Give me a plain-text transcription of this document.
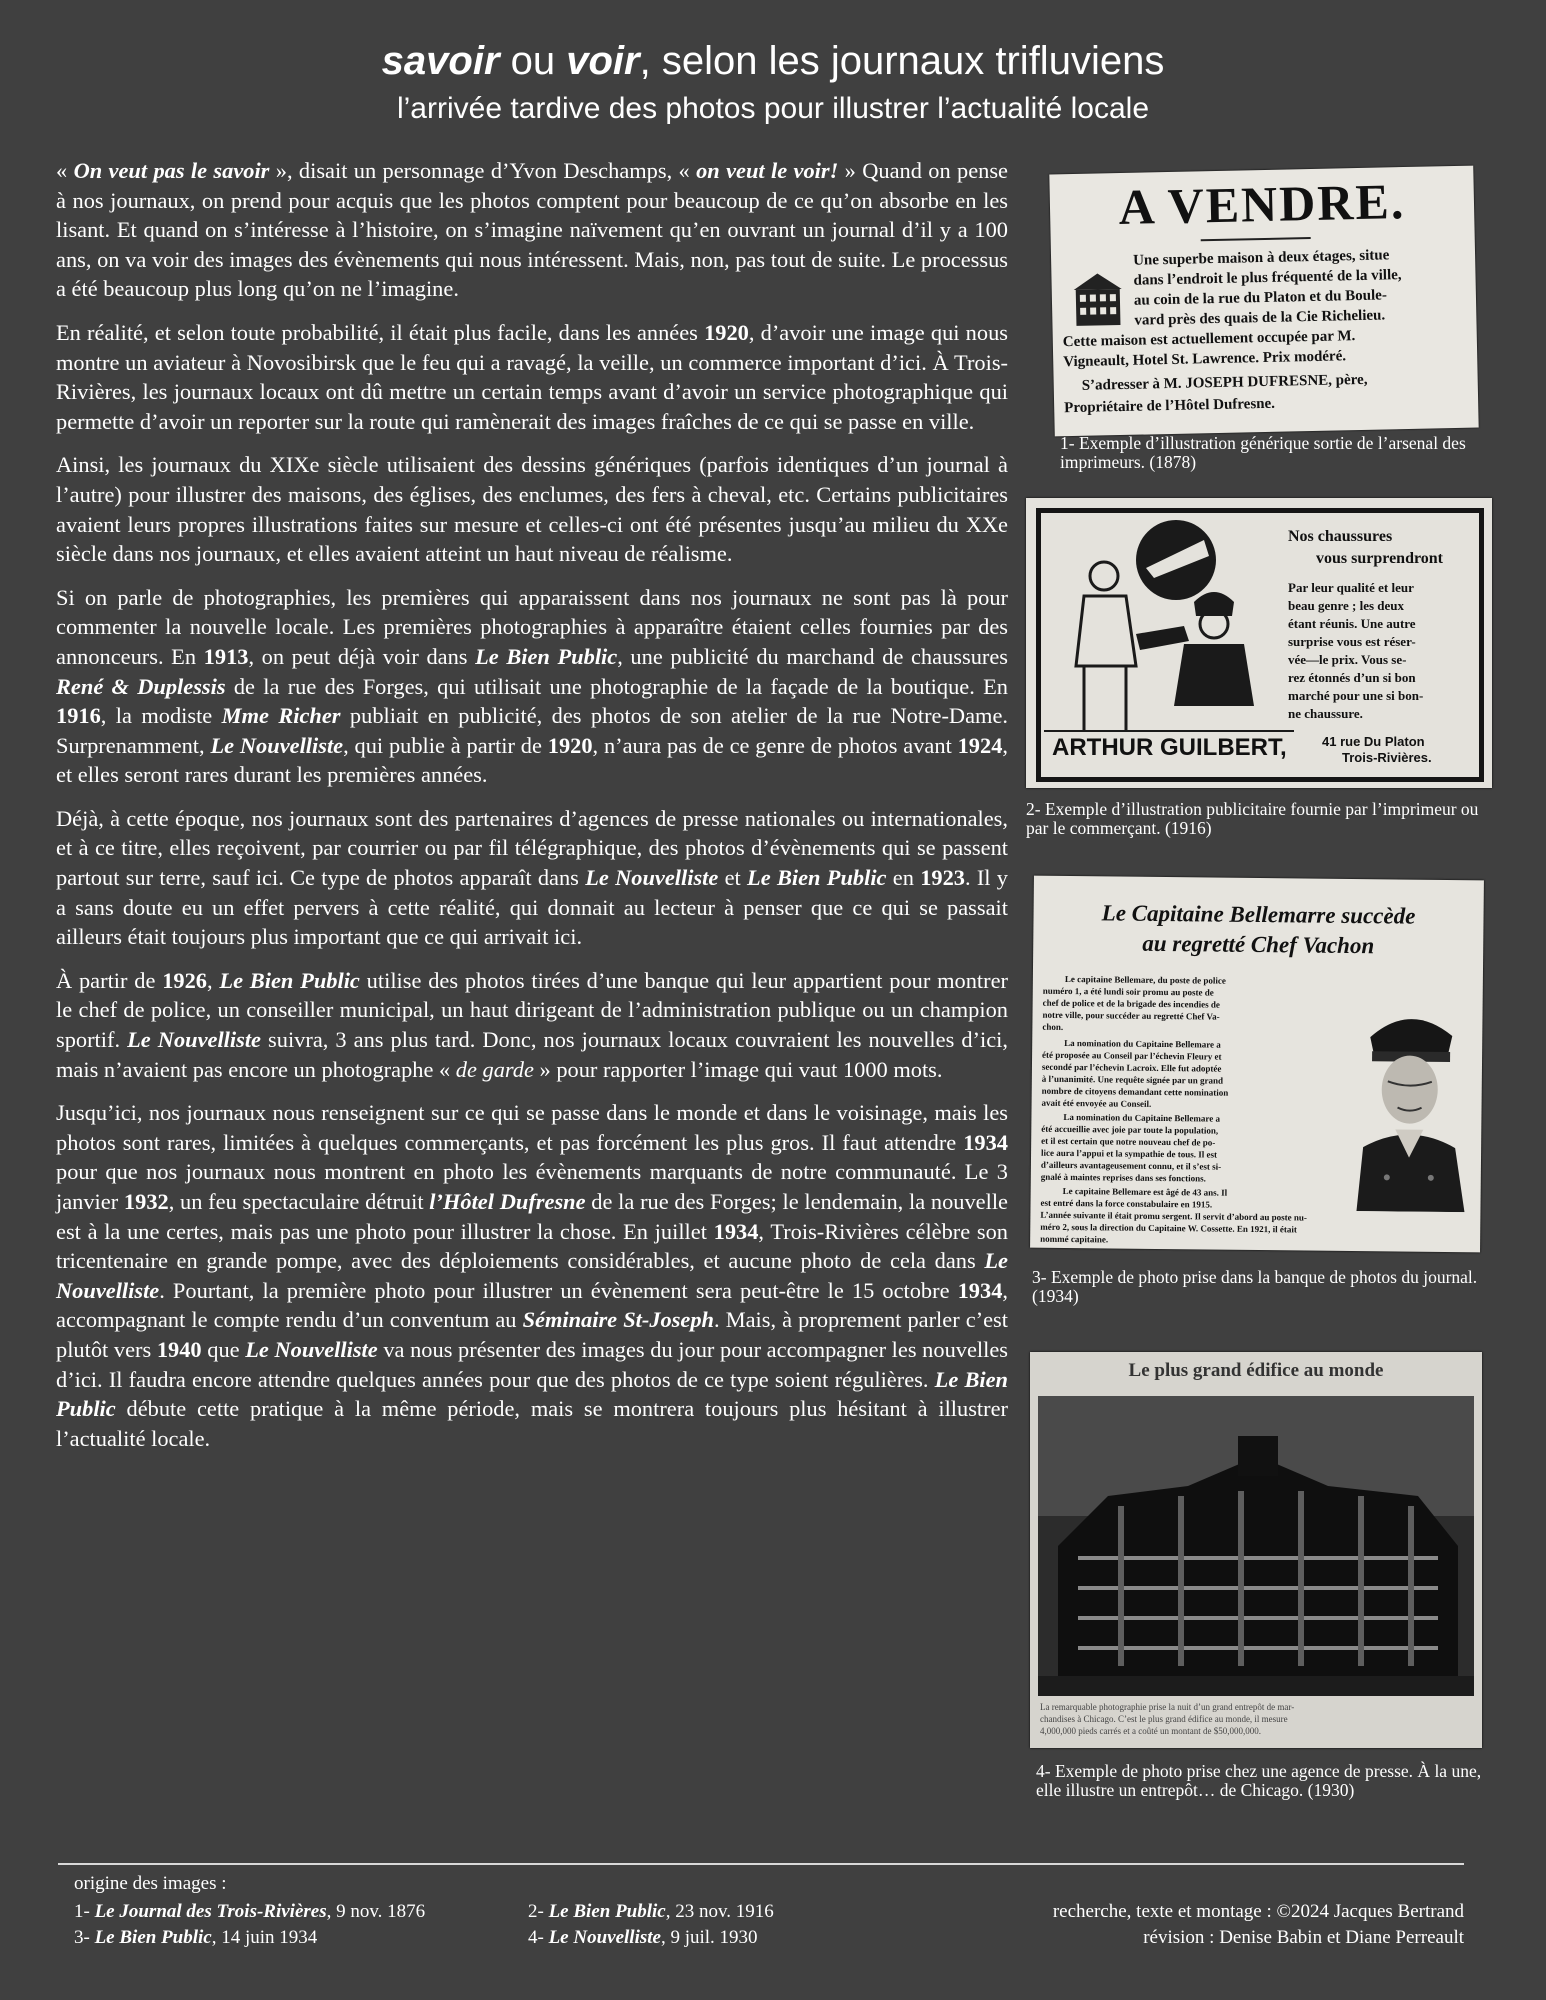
savoir ou voir, selon les journaux trifluviens
l’arrivée tardive des photos pour illustrer l’actualité locale

« On veut pas le savoir », disait un personnage d’Yvon Deschamps, « on veut le voir! » Quand on pense à nos journaux, on prend pour acquis que les photos comptent pour beaucoup de ce qu’on absorbe en les lisant. Et quand on s’intéresse à l’histoire, on s’imagine naïvement qu’en ouvrant un journal d’il y a 100 ans, on va voir des images des évènements qui nous intéressent. Mais, non, pas tout de suite. Le processus a été beaucoup plus long qu’on ne l’imagine.

En réalité, et selon toute probabilité, il était plus facile, dans les années 1920, d’avoir une image qui nous montre un aviateur à Novosibirsk que le feu qui a ravagé, la veille, un commerce important d’ici. À Trois-Rivières, les journaux locaux ont dû mettre un certain temps avant d’avoir un service photographique qui permette d’avoir un reporter sur la route qui ramènerait des images fraîches de ce qui se passe en ville.

Ainsi, les journaux du XIXe siècle utilisaient des dessins génériques (parfois identiques d’un journal à l’autre) pour illustrer des maisons, des églises, des enclumes, des fers à cheval, etc. Certains publicitaires avaient leurs propres illustrations faites sur mesure et celles-ci ont été présentes jusqu’au milieu du XXe siècle dans nos journaux, et elles avaient atteint un haut niveau de réalisme.

Si on parle de photographies, les premières qui apparaissent dans nos journaux ne sont pas là pour commenter la nouvelle locale. Les premières photographies à apparaître étaient celles fournies par des annonceurs. En 1913, on peut déjà voir dans Le Bien Public, une publicité du marchand de chaussures René & Duplessis de la rue des Forges, qui utilisait une photographie de la façade de la boutique. En 1916, la modiste Mme Richer publiait en publicité, des photos de son atelier de la rue Notre-Dame. Surprenamment, Le Nouvelliste, qui publie à partir de 1920, n’aura pas de ce genre de photos avant 1924, et elles seront rares durant les premières années.

Déjà, à cette époque, nos journaux sont des partenaires d’agences de presse nationales ou internationales, et à ce titre, elles reçoivent, par courrier ou par fil télégraphique, des photos d’évènements qui se passent partout sur terre, sauf ici. Ce type de photos apparaît dans Le Nouvelliste et Le Bien Public en 1923. Il y a sans doute eu un effet pervers à cette réalité, qui donnait au lecteur à penser que ce qui se passait ailleurs était toujours plus important que ce qui arrivait ici.

À partir de 1926, Le Bien Public utilise des photos tirées d’une banque qui leur appartient pour montrer le chef de police, un conseiller municipal, un haut dirigeant de l’administration publique ou un champion sportif. Le Nouvelliste suivra, 3 ans plus tard. Donc, nos journaux locaux couvraient les nouvelles d’ici, mais n’avaient pas encore un photographe « de garde » pour rapporter l’image qui vaut 1000 mots.

Jusqu’ici, nos journaux nous renseignent sur ce qui se passe dans le monde et dans le voisinage, mais les photos sont rares, limitées à quelques commerçants, et pas forcément les plus gros. Il faut attendre 1934 pour que nos journaux nous montrent en photo les évènements marquants de notre communauté. Le 3 janvier 1932, un feu spectaculaire détruit l’Hôtel Dufresne de la rue des Forges; le lendemain, la nouvelle est à la une certes, mais pas une photo pour illustrer la chose. En juillet 1934, Trois-Rivières célèbre son tricentenaire en grande pompe, avec des déploiements considérables, et aucune photo de cela dans Le Nouvelliste. Pourtant, la première photo pour illustrer un évènement sera peut-être le 15 octobre 1934, accompagnant le compte rendu d’un conventum au Séminaire St-Joseph. Mais, à proprement parler c’est plutôt vers 1940 que Le Nouvelliste va nous présenter des images du jour pour accompagner les nouvelles d’ici. Il faudra encore attendre quelques années pour que des photos de ce type soient régulières. Le Bien Public débute cette pratique à la même période, mais se montrera toujours plus hésitant à illustrer l’actualité locale.

A VENDRE.
Une superbe maison à deux étages, situe
dans l’endroit le plus fréquenté de la ville,
au coin de la rue du Platon et du Boule-
vard près des quais de la Cie Richelieu.
Cette maison est actuellement occupée par M.
Vigneault, Hotel St. Lawrence. Prix modéré.
S’adresser à M. JOSEPH DUFRESNE, père,
Propriétaire de l’Hôtel Dufresne.
1- Exemple d’illustration générique sortie de l’arsenal des imprimeurs. (1878)
Nos chaussures
vous surprendront
Par leur qualité et leur
beau genre ; les deux
étant réunis. Une autre
surprise vous est réser-
vée—le prix. Vous se-
rez étonnés d’un si bon
marché pour une si bon-
ne chaussure.
ARTHUR GUILBERT,	41 rue Du Platon
Trois-Rivières.
2- Exemple d’illustration publicitaire fournie par l’imprimeur ou par le commerçant. (1916)
Le Capitaine Bellemarre succède
au regretté Chef Vachon
Le capitaine Bellemare, du poste de police
numéro 1, a été lundi soir promu au poste de
chef de police et de la brigade des incendies de
notre ville, pour succéder au regretté Chef Va-
chon.
La nomination du Capitaine Bellemare a
été proposée au Conseil par l’échevin Fleury et
secondé par l’échevin Lacroix. Elle fut adoptée
à l’unanimité. Une requête signée par un grand
nombre de citoyens demandant cette nomination
avait été envoyée au Conseil.
La nomination du Capitaine Bellemare a
été accueillie avec joie par toute la population,
et il est certain que notre nouveau chef de po-
lice aura l’appui et la sympathie de tous. Il est
d’ailleurs avantageusement connu, et il s’est si-
gnalé à maintes reprises dans ses fonctions.
Le capitaine Bellemare est âgé de 43 ans. Il
est entré dans la force constabulaire en 1915.
L’année suivante il était promu sergent. Il servit d’abord au poste nu-
méro 2, sous la direction du Capitaine W. Cossette. En 1921, il était
nommé capitaine.
3- Exemple de photo prise dans la banque de photos du journal. (1934)
Le plus grand édifice au monde
La remarquable photographie prise la nuit d’un grand entrepôt de mar-
chandises à Chicago. C’est le plus grand édifice au monde, il mesure
4,000,000 pieds carrés et a coûté un montant de $50,000,000.
4- Exemple de photo prise chez une agence de presse. À la une, elle illustre un entrepôt… de Chicago. (1930)
origine des images :
1- Le Journal des Trois-Rivières, 9 nov. 1876	2- Le Bien Public, 23 nov. 1916
3- Le Bien Public, 14 juin 1934	4- Le Nouvelliste, 9 juil. 1930
recherche, texte et montage : ©2024 Jacques Bertrand
révision : Denise Babin et Diane Perreault
